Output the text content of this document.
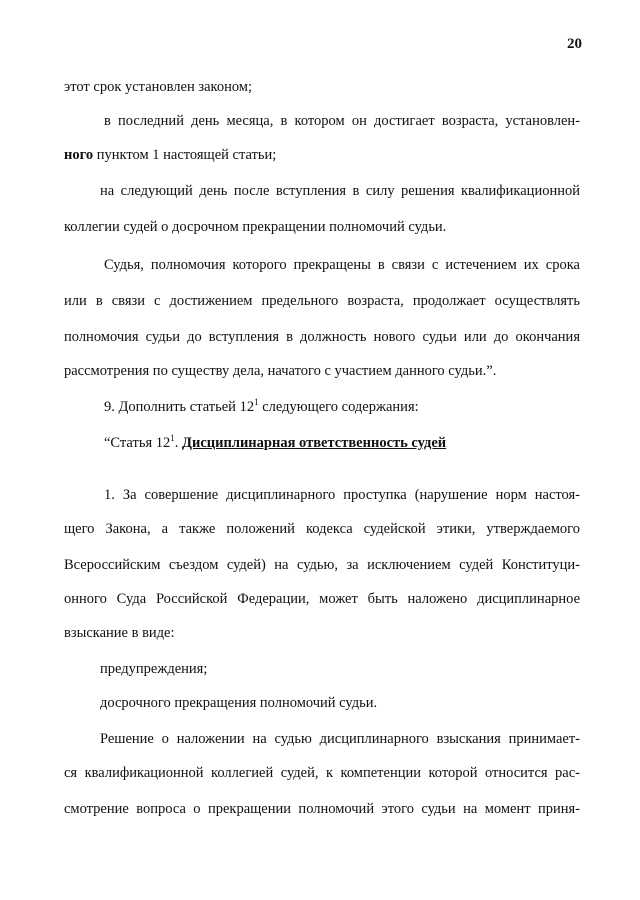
20
этот срок установлен законом;
в последний день месяца, в котором он достигает возраста, установлен-
ного пунктом 1 настоящей статьи;
на следующий день после вступления в силу решения квалификационной
коллегии судей о досрочном прекращении полномочий судьи.
Судья, полномочия которого прекращены в связи с истечением их срока
или в связи с достижением предельного возраста, продолжает осуществлять
полномочия судьи до вступления в должность нового судьи или до окончания
рассмотрения по существу дела, начатого с участием данного судьи.”.
9. Дополнить статьей $12^1$ следующего содержания:
“Статья $12^1$. Дисциплинарная ответственность судей
1. За совершение дисциплинарного проступка (нарушение норм настоя-
щего Закона, а также положений кодекса судейской этики, утверждаемого
Всероссийским съездом судей) на судью, за исключением судей Конституци-
онного Суда Российской Федерации, может быть наложено дисциплинарное
взыскание в виде:
предупреждения;
досрочного прекращения полномочий судьи.
Решение о наложении на судью дисциплинарного взыскания принимает-
ся квалификационной коллегией судей, к компетенции которой относится рас-
смотрение вопроса о прекращении полномочий этого судьи на момент приня-
